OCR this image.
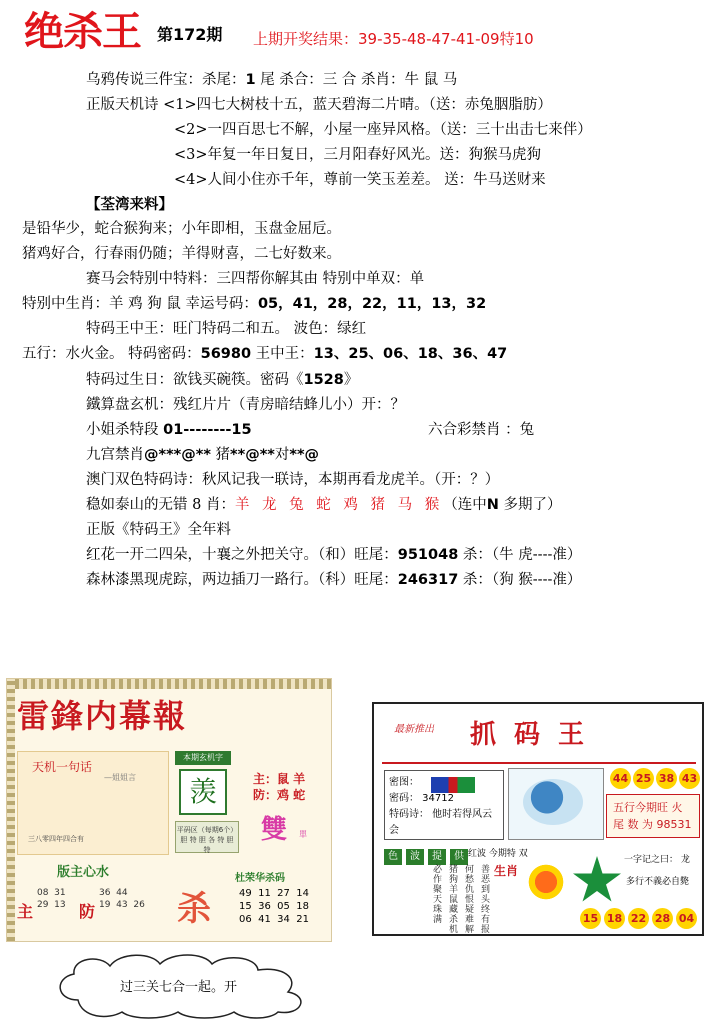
绝杀王 第172期 上期开奖结果：39-35-48-47-41-09特10
乌鸦传说三件宝：杀尾：1 尾 杀合：三 合 杀肖：牛 鼠 马
正版天机诗 <1>四七大树枝十五，蓝天碧海二片晴。（送：赤兔胭脂肪）
<2>一四百思七不解，小屋一座异风格。（送：三十出击七来伴）
<3>年复一年日复日，三月阳春好风光。送：狗猴马虎狗
<4>人间小住亦千年，尊前一笑玉差差。 送：牛马送财来
【荃湾来料】
是铅华少，蛇合猴狗来；小年即相，玉盘金屈卮。
猪鸡好合，行春雨仍随；羊得财喜，二七好数来。
赛马会特别中特料：三四帮你解其由 特别中单双：单
特别中生肖：羊 鸡 狗 鼠 幸运号码：05，41，28，22，11，13，32
特码王中王：旺门特码二和五。 波色：绿红
五行：水火金。 特码密码：56980 王中王：13、25、06、18、36、47
特码过生日：欲钱买碗筷。密码《1528》
鐵算盘玄机：残红片片（青房暗结蜂儿小）开：？
小姐杀特段 01--------15	六合彩禁肖 ：兔
九宫禁肖@***@** 猪**@**对**@
澳门双色特码诗：秋风记我一联诗，本期再看龙虎羊。（开：？）
稳如泰山的无错 8 肖：羊 龙 兔 蛇 鸡 猪 马 猴（连中N 多期了）
正版《特码王》全年料
红花一开二四朵，十襄之外把关守。（和）旺尾：951048 杀：（牛 虎----准）
森林漆黑现虎踪，两边插刀一路行。（科）旺尾：246317 杀：（狗 猴----准）
雷鋒内幕報
天机一句话
—姐姐言
三八零四年四合有
本期玄机字
羡
平码区（每期6个）
胆 特 胆 各 特 胆 特
主：鼠 羊
防：鸡 蛇
雙 單
版主心水
主
08  31
29  13 防
36  44
19  43  26
杜荣华杀码
杀	49  11  27  14
15  36  05  18
06  41  34  21
最新推出 抓码王
密图：
密码： 34712
特码诗： 他时若得风云会
44 25 38 43
五行今期旺 火
尾 数 为 98531
色 波 提 供 红波 今期特 双
善恶到头终有报
何愁仇恨疑难解
猪狗羊鼠藏杀机
必作聚天珠满	生肖
一字记之曰： 龙
多行不義必自斃
15 18 22 28 04
过三关七合一起。开
